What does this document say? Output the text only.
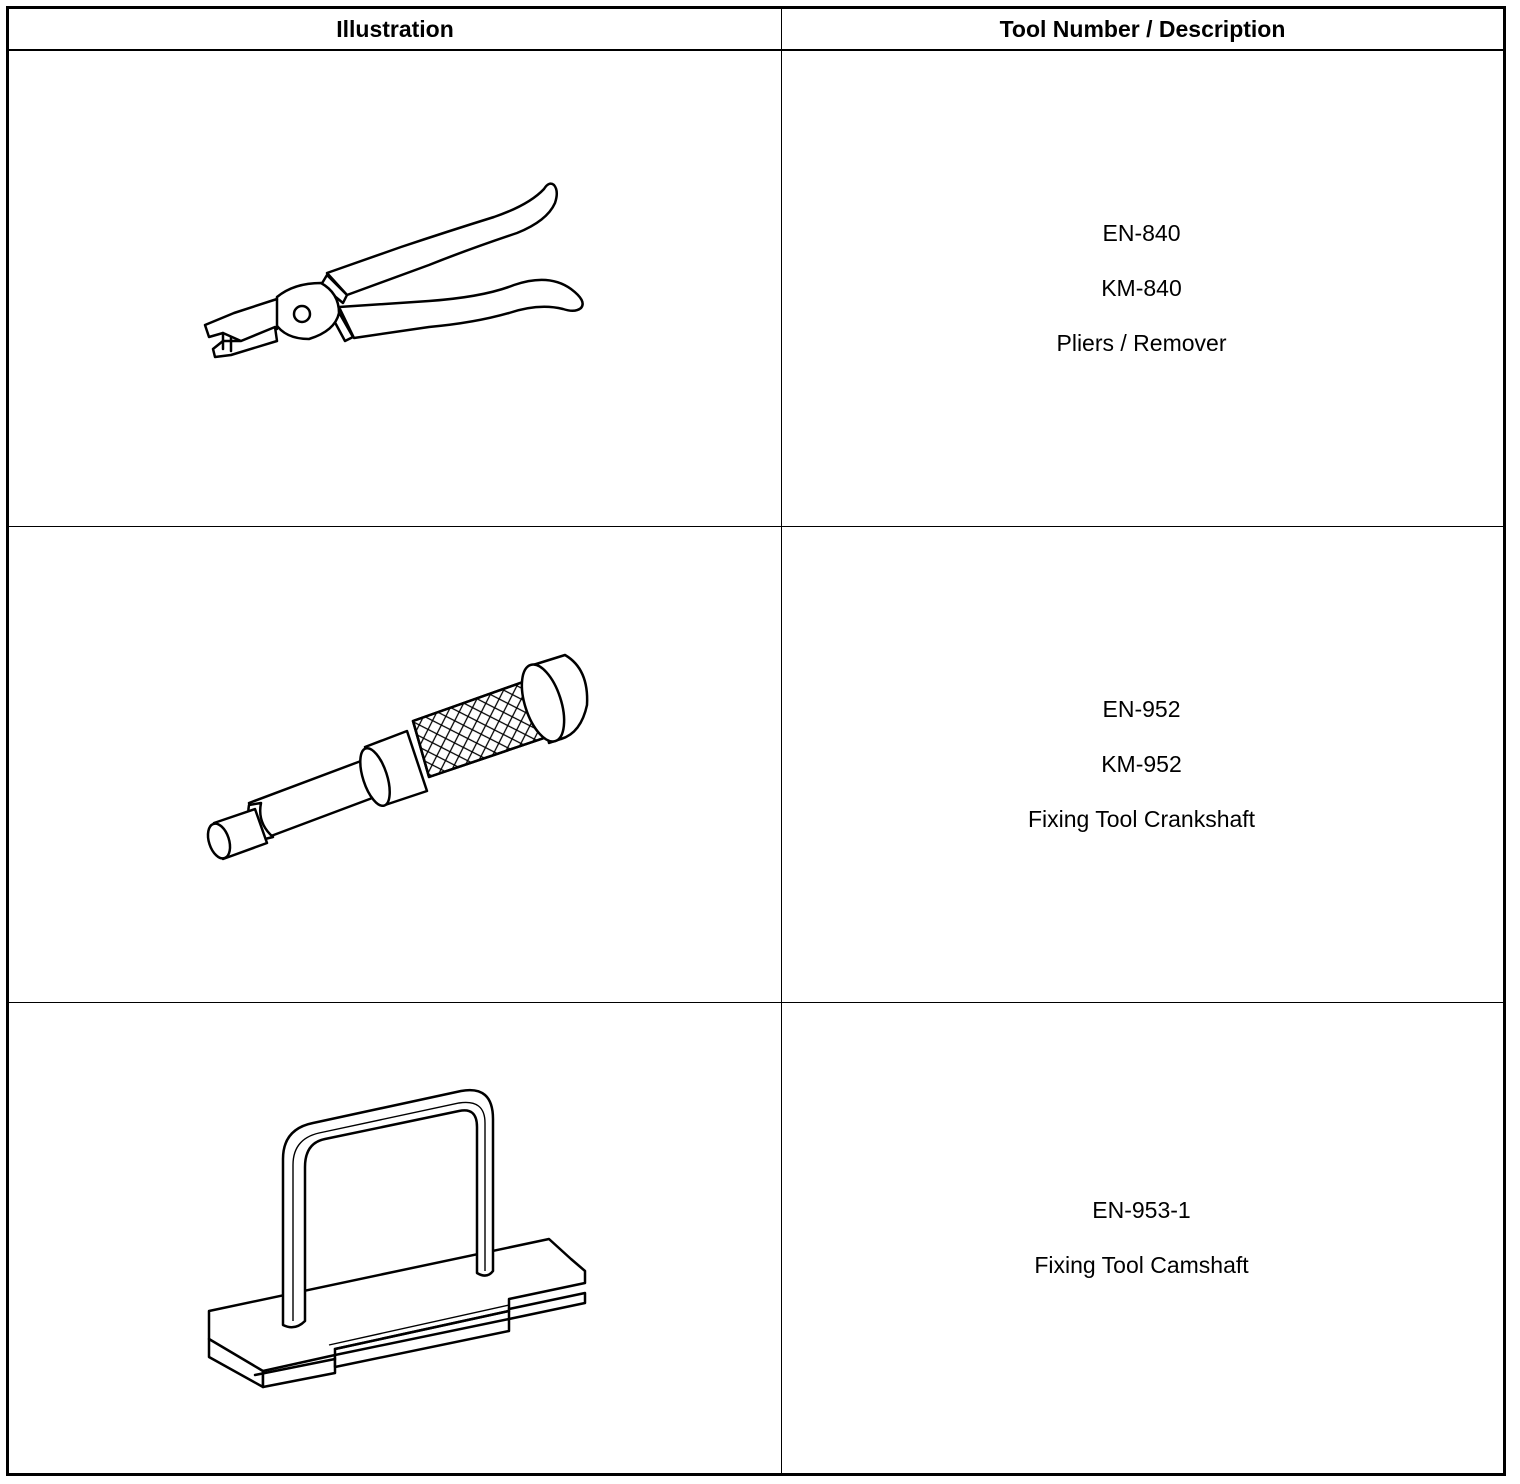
Illustration	Tool Number / Description
EN-840
KM-840
Pliers / Remover
EN-952
KM-952
Fixing Tool Crankshaft
EN-953-1
Fixing Tool Camshaft
